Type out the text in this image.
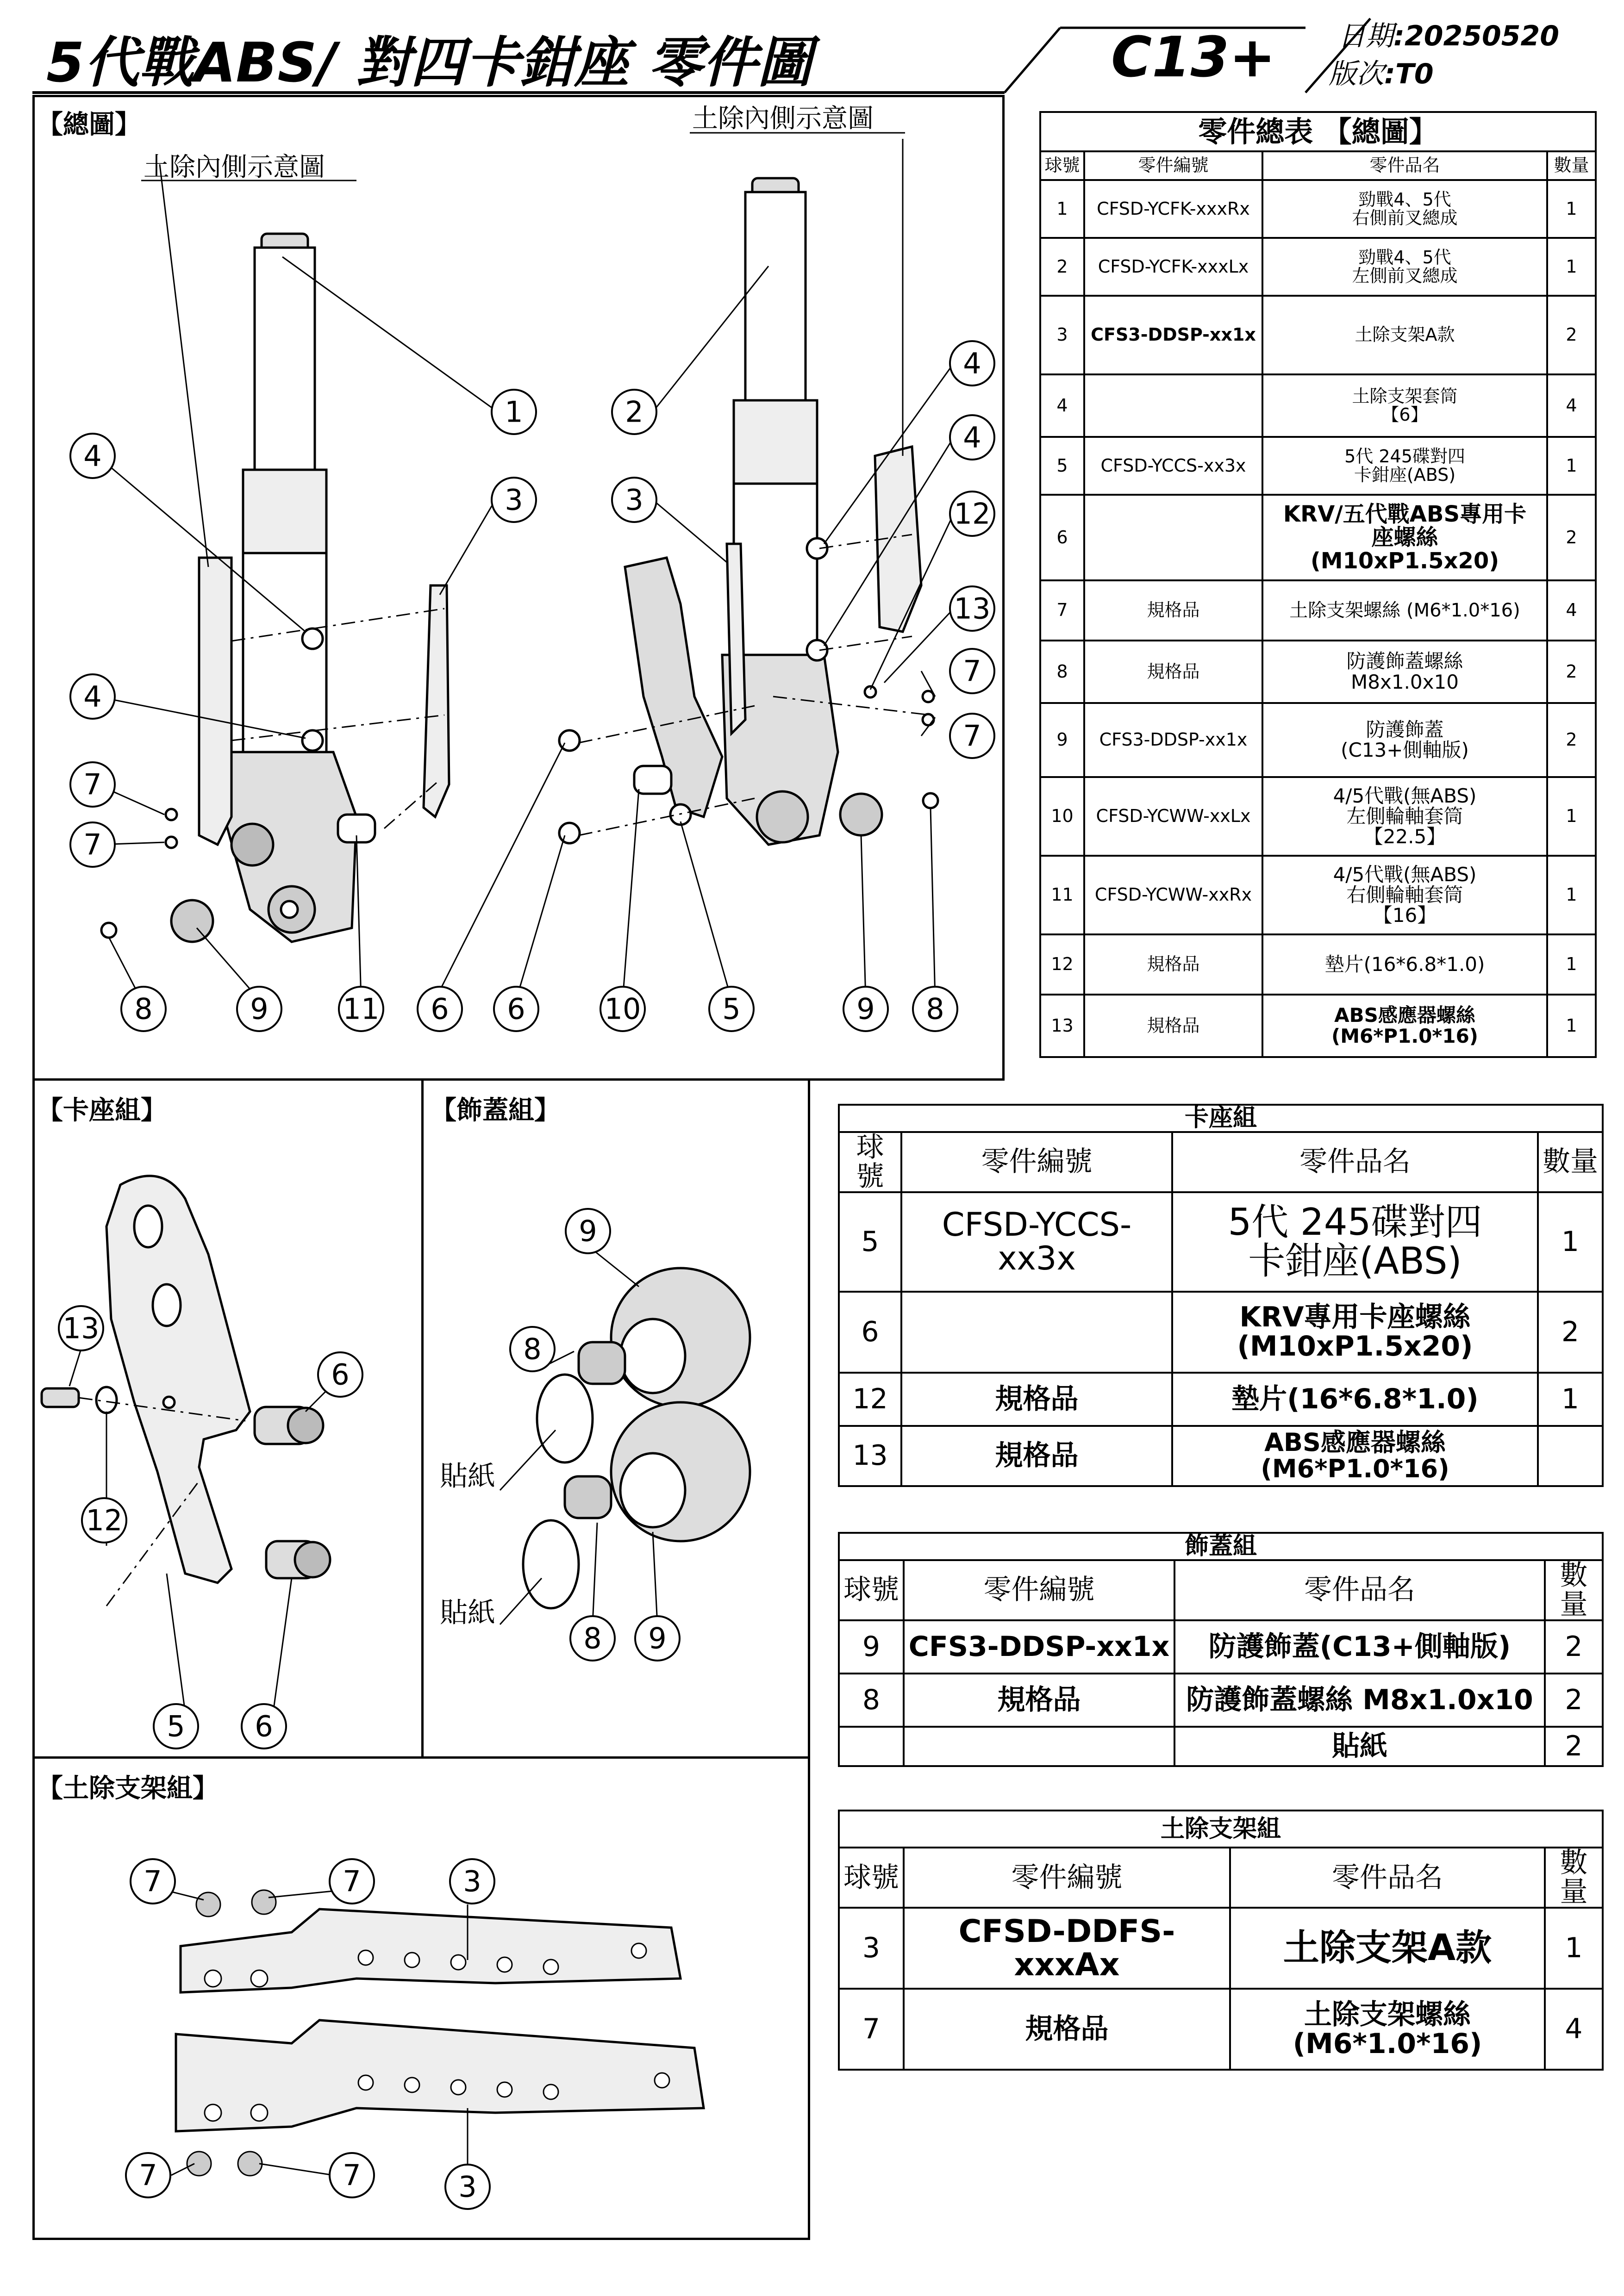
5代戰ABS/ 對四卡鉗座 零件圖	C13+ 日期:20250520
版次:T0
【總圖】
【卡座組】	【飾蓋組】
【土除支架組】
土除內側示意圖
土除內側示意圖
1	2
4
4
4
3	3	12
13
4
7
7
7
7
8	9	11 6 6	10	5	9 8
13
6
12
5 6
9
8
8 9
貼紙
貼紙
7	7	3
7	7	3
零件總表 【總圖】			
球號	零件編號	零件品名	數量
1	CFSD-YCFK-xxxRx	勁戰4、5代
右側前叉總成	1
2	CFSD-YCFK-xxxLx	勁戰4、5代
左側前叉總成	1
3	CFS3-DDSP-xx1x	土除支架A款	2
4		土除支架套筒
【6】	4
5	CFSD-YCCS-xx3x	5代 245碟對四
卡鉗座(ABS)	1
6		KRV/五代戰ABS專用卡
座螺絲
(M10xP1.5x20)	2
7	規格品	土除支架螺絲 (M6*1.0*16)	4
8	規格品	防護飾蓋螺絲
M8x1.0x10	2
9	CFS3-DDSP-xx1x	防護飾蓋
(C13+側軸版)	2
10	CFSD-YCWW-xxLx	4/5代戰(無ABS)
左側輪軸套筒
【22.5】	1
11	CFSD-YCWW-xxRx	4/5代戰(無ABS)
右側輪軸套筒
【16】	1
12	規格品	墊片(16*6.8*1.0)	1
13	規格品	ABS感應器螺絲
(M6*P1.0*16)	1
卡座組			
球號	零件編號	零件品名	數量
5	CFSD-YCCS-xx3x	5代 245碟對四
卡鉗座(ABS)	1
6		KRV專用卡座螺絲
(M10xP1.5x20)	2
12	規格品	墊片(16*6.8*1.0)	1
13	規格品	ABS感應器螺絲
(M6*P1.0*16)	
飾蓋組			
球號	零件編號	零件品名	數量
9	CFS3-DDSP-xx1x	防護飾蓋(C13+側軸版)	2
8	規格品	防護飾蓋螺絲 M8x1.0x10	2
		貼紙	2
土除支架組			
球號	零件編號	零件品名	數量
3	CFSD-DDFS-xxxAx	土除支架A款	1
7	規格品	土除支架螺絲
(M6*1.0*16)	4
